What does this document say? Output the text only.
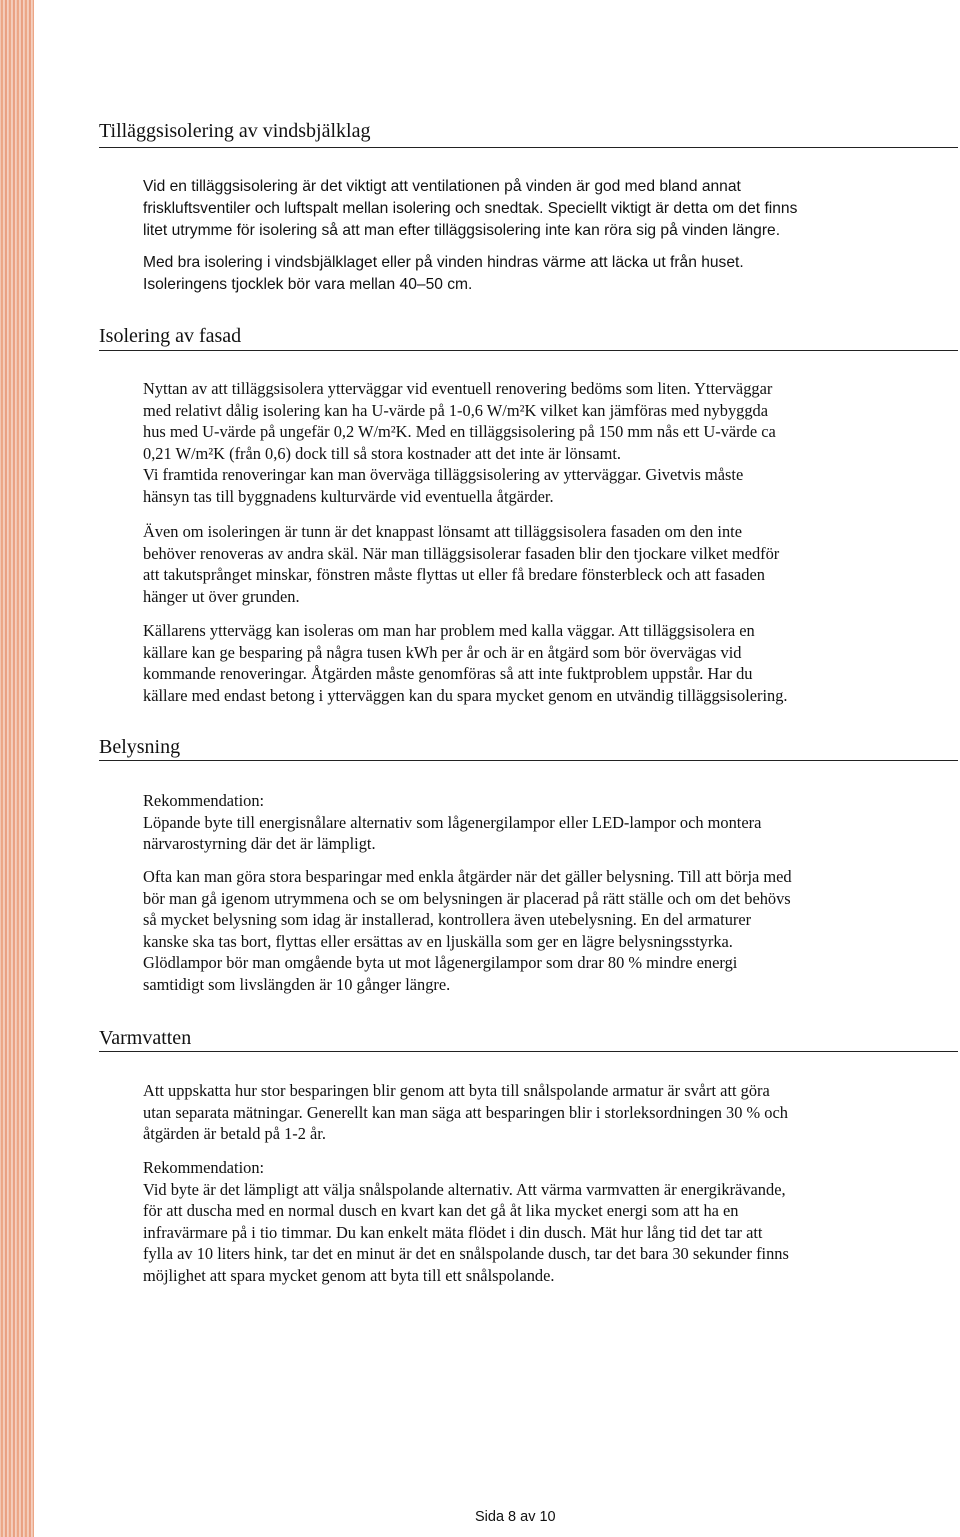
Tilläggsisolering av vindsbjälklag

Vid en tilläggsisolering är det viktigt att ventilationen på vinden är god med bland annat
friskluftsventiler och luftspalt mellan isolering och snedtak. Speciellt viktigt är detta om det finns
litet utrymme för isolering så att man efter tilläggsisolering inte kan röra sig på vinden längre.

Med bra isolering i vindsbjälklaget eller på vinden hindras värme att läcka ut från huset.
Isoleringens tjocklek bör vara mellan 40–50 cm.

Isolering av fasad

Nyttan av att tilläggsisolera ytterväggar vid eventuell renovering bedöms som liten. Ytterväggar
med relativt dålig isolering kan ha U-värde på 1-0,6 W/m²K vilket kan jämföras med nybyggda
hus med U-värde på ungefär 0,2 W/m²K. Med en tilläggsisolering på 150 mm nås ett U-värde ca
0,21 W/m²K (från 0,6) dock till så stora kostnader att det inte är lönsamt.
Vi framtida renoveringar kan man överväga tilläggsisolering av ytterväggar. Givetvis måste
hänsyn tas till byggnadens kulturvärde vid eventuella åtgärder.

Även om isoleringen är tunn är det knappast lönsamt att tilläggsisolera fasaden om den inte
behöver renoveras av andra skäl. När man tilläggsisolerar fasaden blir den tjockare vilket medför
att takutsprånget minskar, fönstren måste flyttas ut eller få bredare fönsterbleck och att fasaden
hänger ut över grunden.

Källarens yttervägg kan isoleras om man har problem med kalla väggar. Att tilläggsisolera en
källare kan ge besparing på några tusen kWh per år och är en åtgärd som bör övervägas vid
kommande renoveringar. Åtgärden måste genomföras så att inte fuktproblem uppstår. Har du
källare med endast betong i ytterväggen kan du spara mycket genom en utvändig tilläggsisolering.

Belysning

Rekommendation:
Löpande byte till energisnålare alternativ som lågenergilampor eller LED-lampor och montera
närvarostyrning där det är lämpligt.

Ofta kan man göra stora besparingar med enkla åtgärder när det gäller belysning. Till att börja med
bör man gå igenom utrymmena och se om belysningen är placerad på rätt ställe och om det behövs
så mycket belysning som idag är installerad, kontrollera även utebelysning. En del armaturer
kanske ska tas bort, flyttas eller ersättas av en ljuskälla som ger en lägre belysningsstyrka.
Glödlampor bör man omgående byta ut mot lågenergilampor som drar 80 % mindre energi
samtidigt som livslängden är 10 gånger längre.

Varmvatten

Att uppskatta hur stor besparingen blir genom att byta till snålspolande armatur är svårt att göra
utan separata mätningar. Generellt kan man säga att besparingen blir i storleksordningen 30 % och
åtgärden är betald på 1-2 år.

Rekommendation:
Vid byte är det lämpligt att välja snålspolande alternativ. Att värma varmvatten är energikrävande,
för att duscha med en normal dusch en kvart kan det gå åt lika mycket energi som att ha en
infravärmare på i tio timmar. Du kan enkelt mäta flödet i din dusch. Mät hur lång tid det tar att
fylla av 10 liters hink, tar det en minut är det en snålspolande dusch, tar det bara 30 sekunder finns
möjlighet att spara mycket genom att byta till ett snålspolande.

Sida 8 av 10
